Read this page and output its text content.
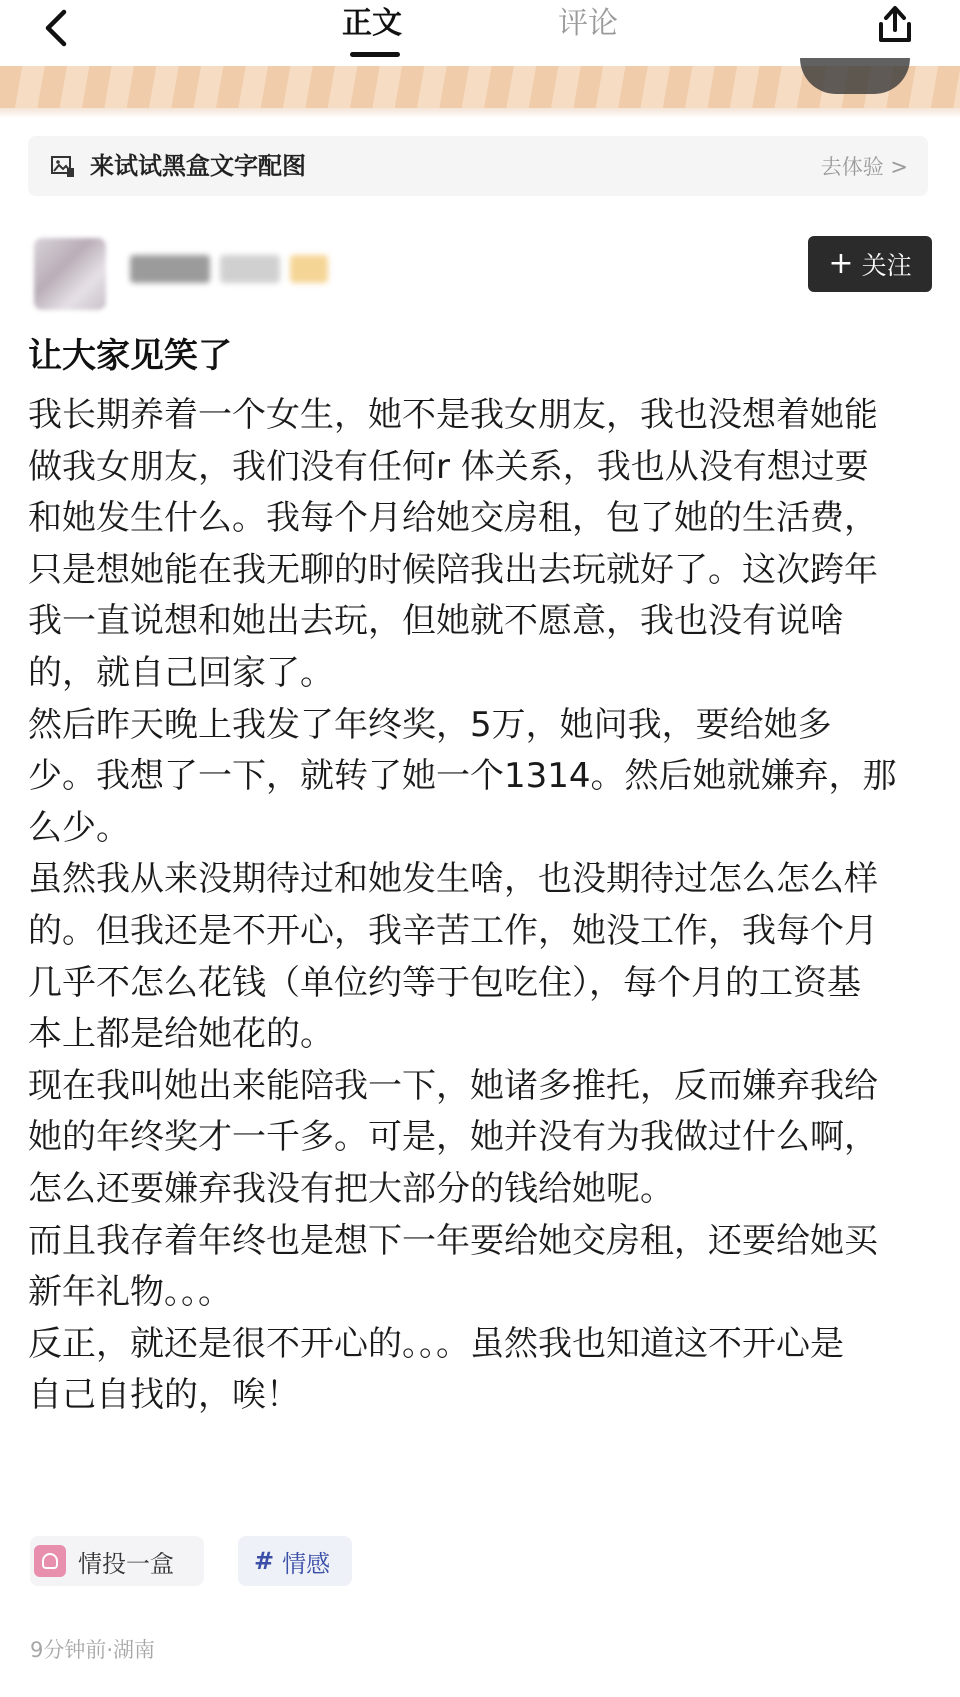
正文	评论
来试试黑盒文字配图	去体验 >
+ 关注
让大家见笑了
我长期养着一个女生，她不是我女朋友，我也没想着她能
做我女朋友，我们没有任何r 体关系，我也从没有想过要
和她发生什么。我每个月给她交房租，包了她的生活费，
只是想她能在我无聊的时候陪我出去玩就好了。这次跨年
我一直说想和她出去玩，但她就不愿意，我也没有说啥
的，就自己回家了。
然后昨天晚上我发了年终奖，5万，她问我，要给她多
少。我想了一下，就转了她一个1314。然后她就嫌弃，那
么少。
虽然我从来没期待过和她发生啥，也没期待过怎么怎么样
的。但我还是不开心，我辛苦工作，她没工作，我每个月
几乎不怎么花钱（单位约等于包吃住），每个月的工资基
本上都是给她花的。
现在我叫她出来能陪我一下，她诸多推托，反而嫌弃我给
她的年终奖才一千多。可是，她并没有为我做过什么啊，
怎么还要嫌弃我没有把大部分的钱给她呢。
而且我存着年终也是想下一年要给她交房租，还要给她买
新年礼物。。。
反正，就还是很不开心的。。。虽然我也知道这不开心是
自己自找的，唉！
情投一盒	# 情感
9分钟前·湖南
